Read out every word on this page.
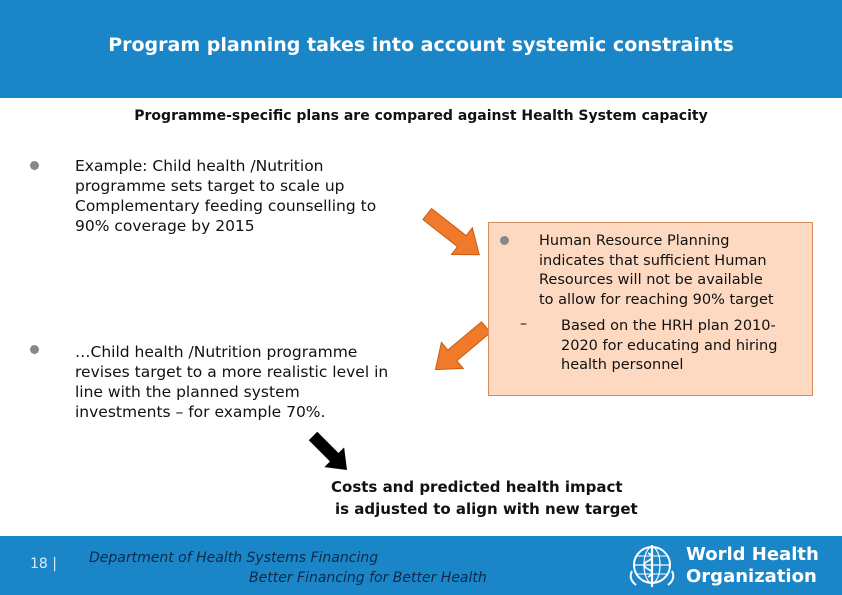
Program planning takes into account systemic constraints
Programme-specific plans are compared against Health System capacity
Example: Child health /Nutrition
programme sets target to scale up
Complementary feeding counselling to
90% coverage by 2015
…Child health /Nutrition programme
revises target to a more realistic level in
line with the planned system
investments – for example 70%.
Human Resource Planning
indicates that sufficient Human
Resources will not be available
to allow for reaching 90% target
– Based on the HRH plan 2010-
2020 for educating and hiring
health personnel
Costs and predicted health impact
is adjusted to align with new target
18 | Department of Health Systems Financing
Better Financing for Better Health
World Health
Organization
